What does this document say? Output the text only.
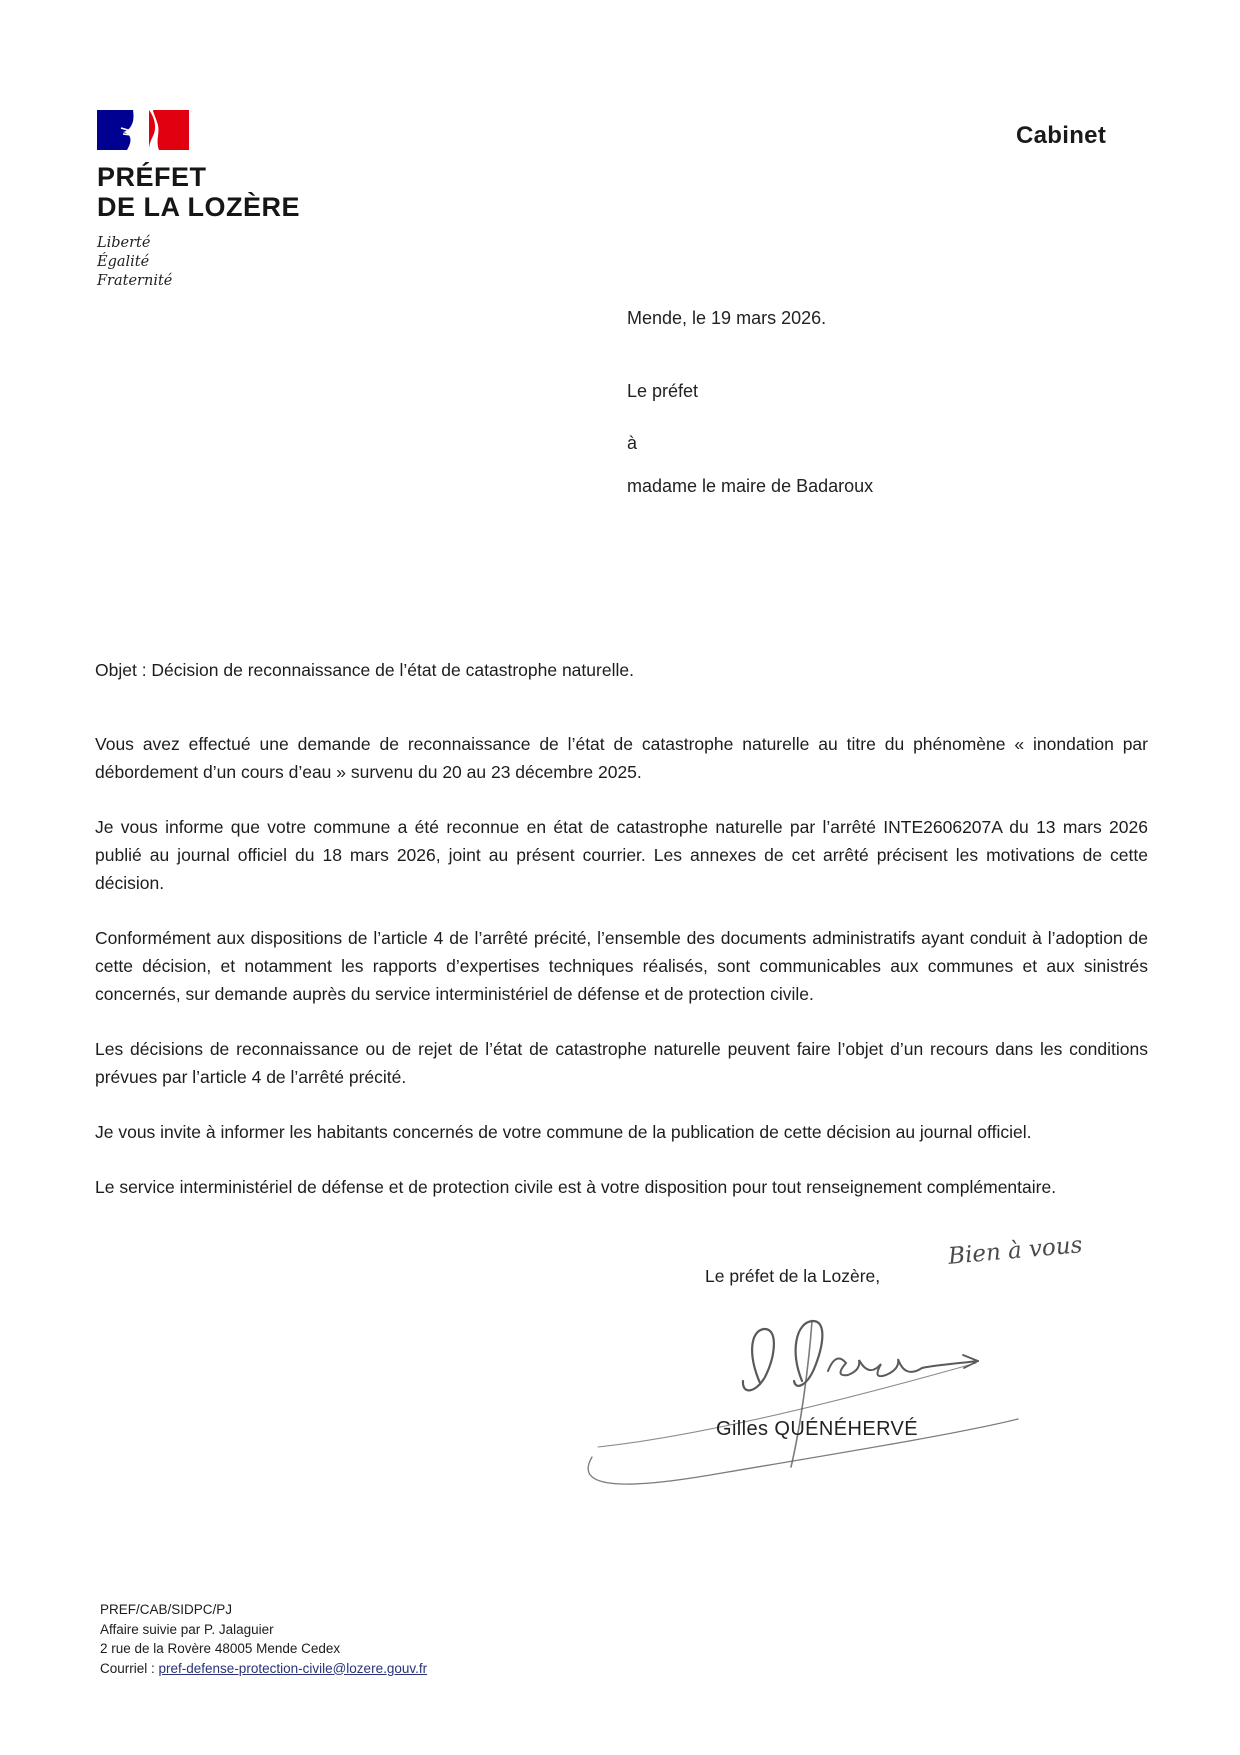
PRÉFET
DE LA LOZÈRE
Liberté
Égalité
Fraternité
Cabinet
Mende, le 19 mars 2026.
Le préfet
à
madame le maire de Badaroux

Objet : Décision de reconnaissance de l’état de catastrophe naturelle.

Vous avez effectué une demande de reconnaissance de l’état de catastrophe naturelle au titre du phénomène « inondation par débordement d’un cours d’eau » survenu du 20 au 23 décembre 2025.

Je vous informe que votre commune a été reconnue en état de catastrophe naturelle par l’arrêté INTE2606207A du 13 mars 2026 publié au journal officiel du 18 mars 2026, joint au présent courrier. Les annexes de cet arrêté précisent les motivations de cette décision.

Conformément aux dispositions de l’article 4 de l’arrêté précité, l’ensemble des documents administratifs ayant conduit à l’adoption de cette décision, et notamment les rapports d’expertises techniques réalisés, sont communicables aux communes et aux sinistrés concernés, sur demande auprès du service interministériel de défense et de protection civile.

Les décisions de reconnaissance ou de rejet de l’état de catastrophe naturelle peuvent faire l’objet d’un recours dans les conditions prévues par l’article 4 de l’arrêté précité.

Je vous invite à informer les habitants concernés de votre commune de la publication de cette décision au journal officiel.

Le service interministériel de défense et de protection civile est à votre disposition pour tout renseignement complémentaire.

Le préfet de la Lozère,
Bien à vous
Gilles QUÉNÉHERVÉ
PREF/CAB/SIDPC/PJ
Affaire suivie par P. Jalaguier
2 rue de la Rovère 48005 Mende Cedex
Courriel : pref-defense-protection-civile@lozere.gouv.fr
